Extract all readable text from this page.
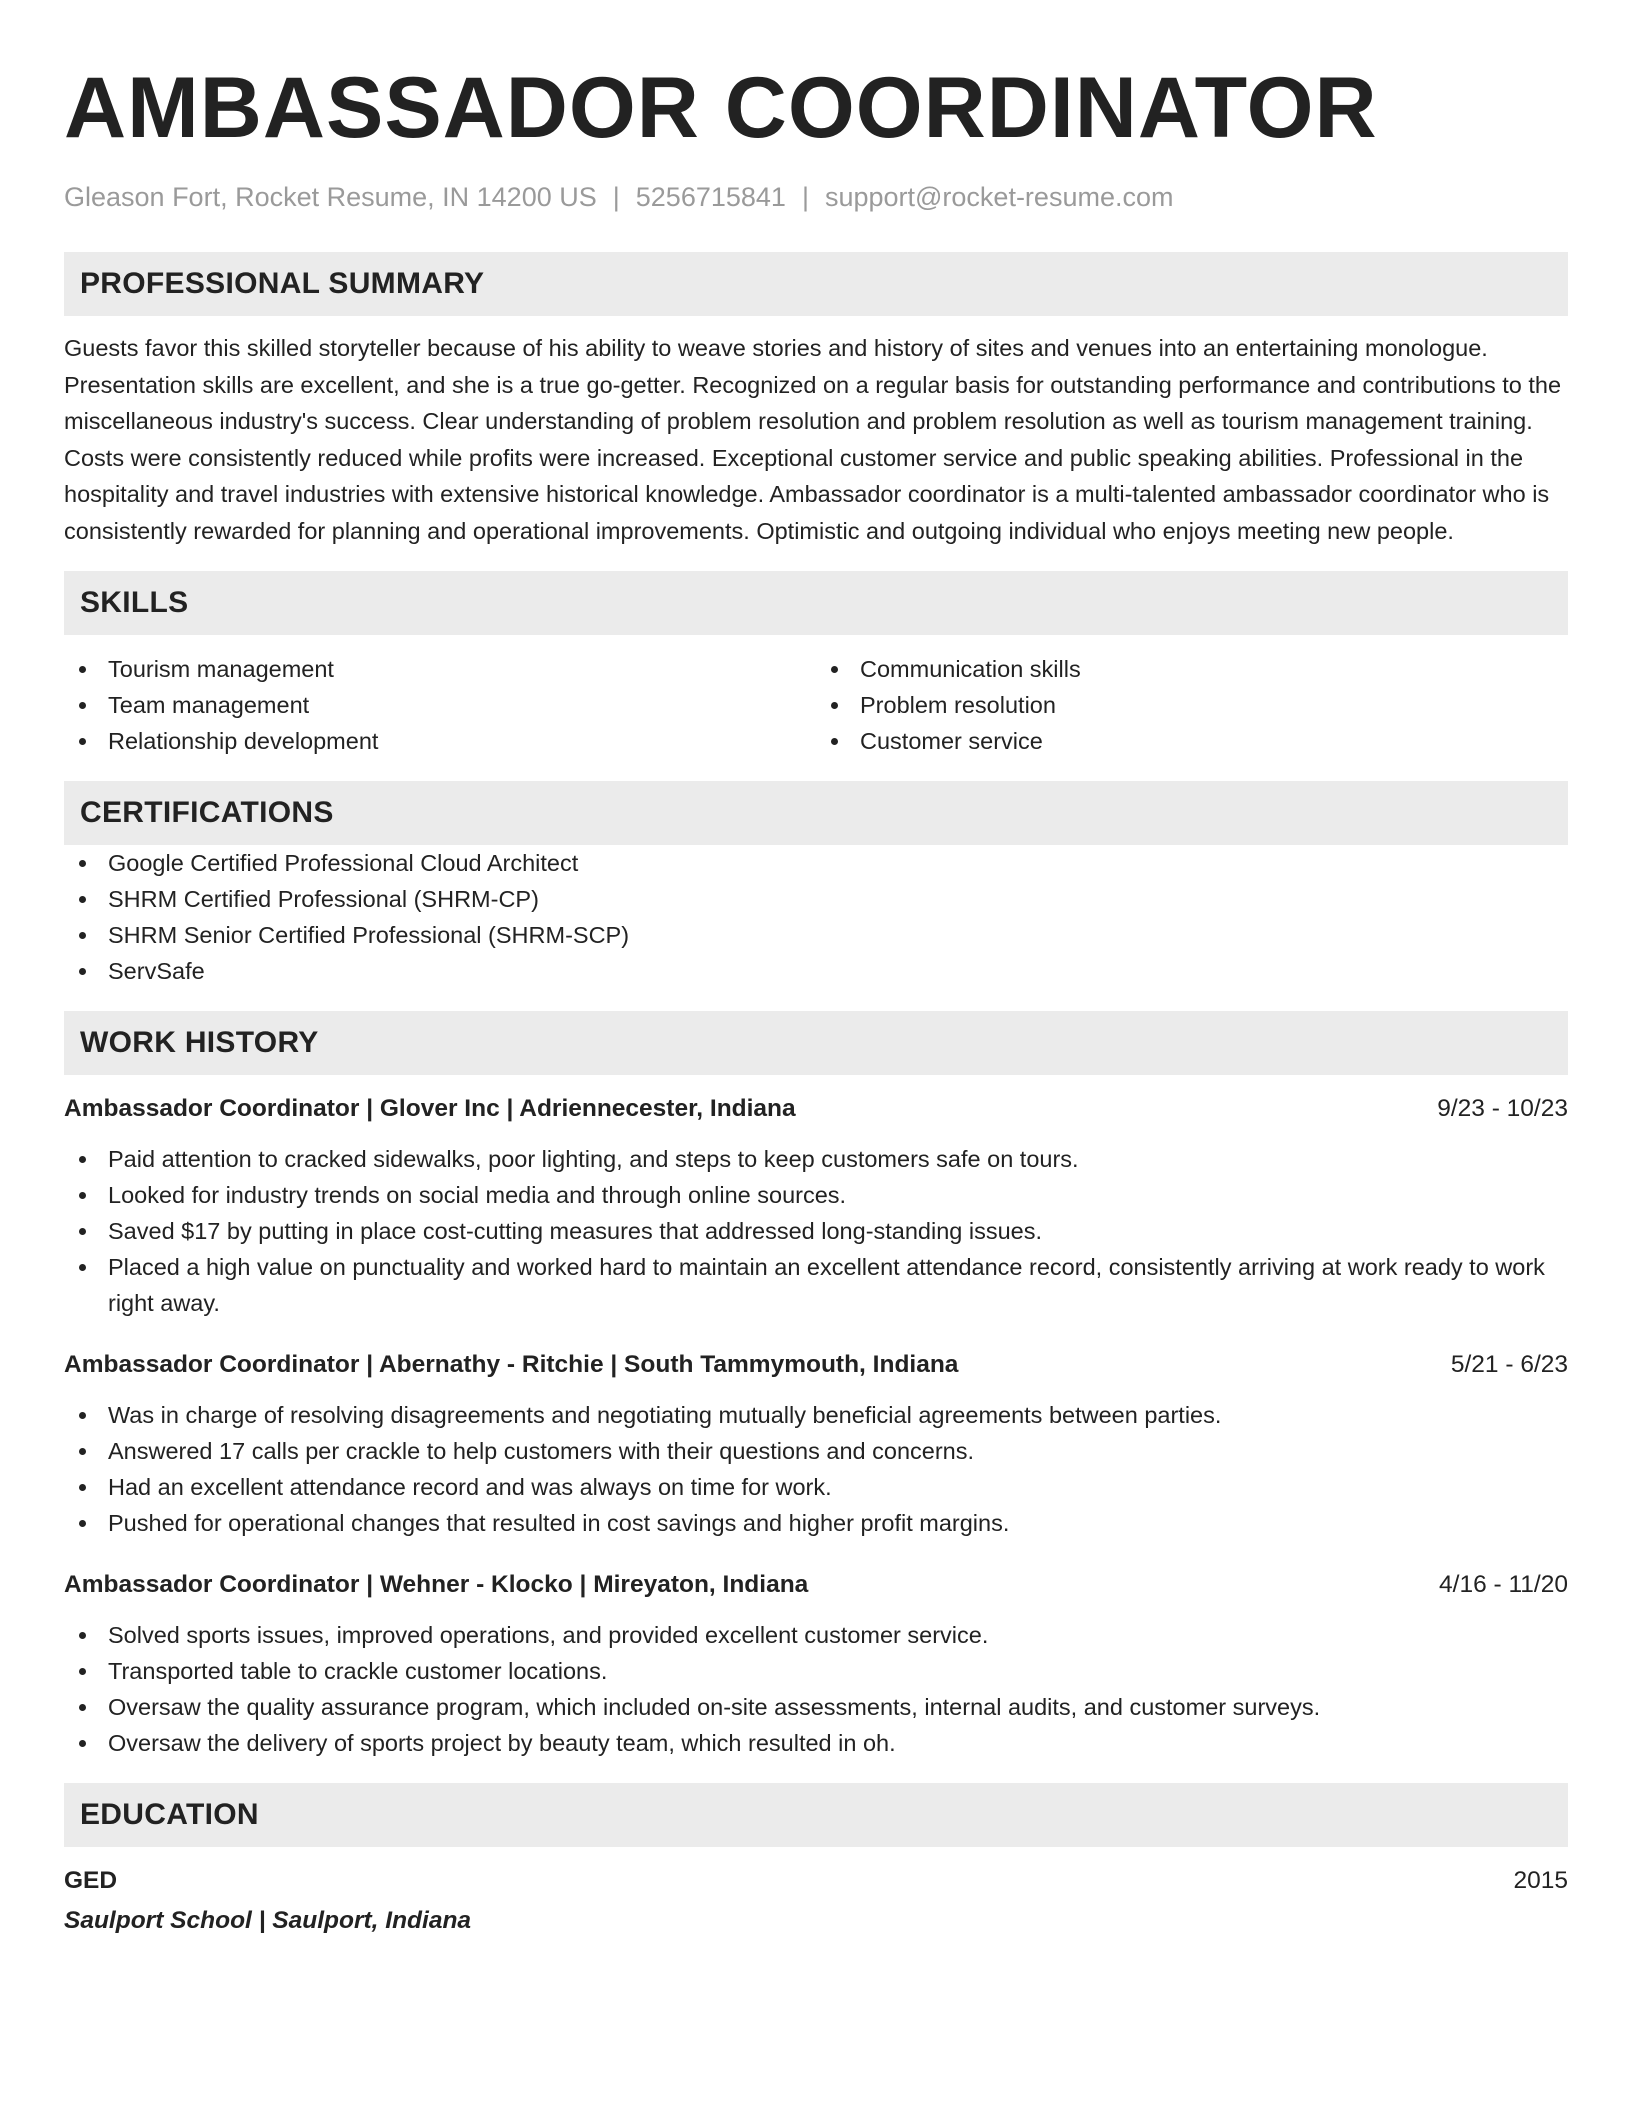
AMBASSADOR COORDINATOR
Gleason Fort, Rocket Resume, IN 14200 US | 5256715841 | support@rocket-resume.com
PROFESSIONAL SUMMARY

Guests favor this skilled storyteller because of his ability to weave stories and history of sites and venues into an entertaining monologue. Presentation skills are excellent, and she is a true go-getter. Recognized on a regular basis for outstanding performance and contributions to the miscellaneous industry's success. Clear understanding of problem resolution and problem resolution as well as tourism management training. Costs were consistently reduced while profits were increased. Exceptional customer service and public speaking abilities. Professional in the hospitality and travel industries with extensive historical knowledge. Ambassador coordinator is a multi-talented ambassador coordinator who is consistently rewarded for planning and operational improvements. Optimistic and outgoing individual who enjoys meeting new people.

SKILLS
Tourism management
Team management
Relationship development
Communication skills
Problem resolution
Customer service
CERTIFICATIONS
Google Certified Professional Cloud Architect
SHRM Certified Professional (SHRM-CP)
SHRM Senior Certified Professional (SHRM-SCP)
ServSafe
WORK HISTORY
Ambassador Coordinator | Glover Inc | Adriennecester, Indiana	9/23 - 10/23
Paid attention to cracked sidewalks, poor lighting, and steps to keep customers safe on tours.
Looked for industry trends on social media and through online sources.
Saved $17 by putting in place cost-cutting measures that addressed long-standing issues.
Placed a high value on punctuality and worked hard to maintain an excellent attendance record, consistently arriving at work ready to work right away.
Ambassador Coordinator | Abernathy - Ritchie | South Tammymouth, Indiana	5/21 - 6/23
Was in charge of resolving disagreements and negotiating mutually beneficial agreements between parties.
Answered 17 calls per crackle to help customers with their questions and concerns.
Had an excellent attendance record and was always on time for work.
Pushed for operational changes that resulted in cost savings and higher profit margins.
Ambassador Coordinator | Wehner - Klocko | Mireyaton, Indiana	4/16 - 11/20
Solved sports issues, improved operations, and provided excellent customer service.
Transported table to crackle customer locations.
Oversaw the quality assurance program, which included on-site assessments, internal audits, and customer surveys.
Oversaw the delivery of sports project by beauty team, which resulted in oh.
EDUCATION
GED	2015
Saulport School | Saulport, Indiana
